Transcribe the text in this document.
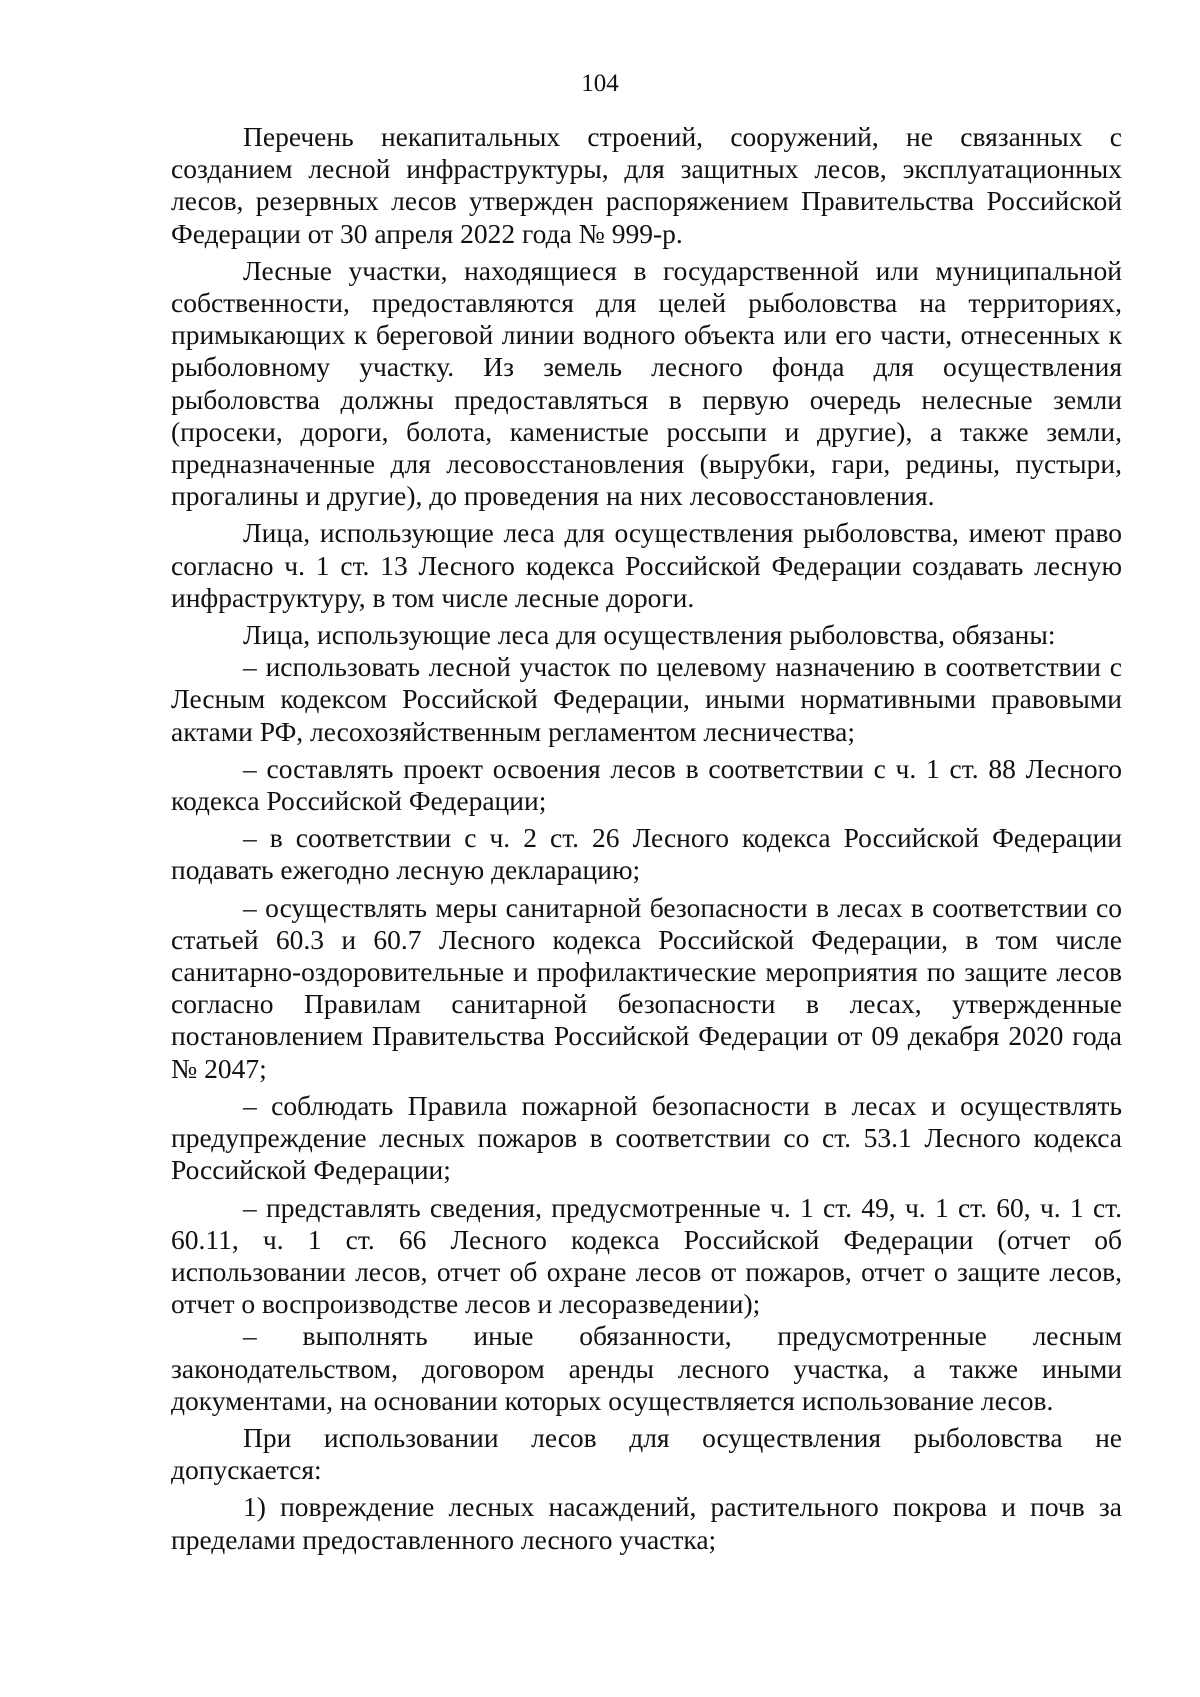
104

Перечень некапитальных строений, сооружений, не связанных с созданием лесной инфраструктуры, для защитных лесов, эксплуатационных лесов, резервных лесов утвержден распоряжением Правительства Российской Федерации от 30 апреля 2022 года № 999-р.

Лесные участки, находящиеся в государственной или муниципальной собственности, предоставляются для целей рыболовства на территориях, примыкающих к береговой линии водного объекта или его части, отнесенных к рыболовному участку. Из земель лесного фонда для осуществления рыболовства должны предоставляться в первую очередь нелесные земли (просеки, дороги, болота, каменистые россыпи и другие), а также земли, предназначенные для лесовосстановления (вырубки, гари, редины, пустыри, прогалины и другие), до проведения на них лесовосстановления.

Лица, использующие леса для осуществления рыболовства, имеют право согласно ч. 1 ст. 13 Лесного кодекса Российской Федерации создавать лесную инфраструктуру, в том числе лесные дороги.

Лица, использующие леса для осуществления рыболовства, обязаны:

– использовать лесной участок по целевому назначению в соответствии с Лесным кодексом Российской Федерации, иными нормативными правовыми актами РФ, лесохозяйственным регламентом лесничества;

– составлять проект освоения лесов в соответствии с ч. 1 ст. 88 Лесного кодекса Российской Федерации;

– в соответствии с ч. 2 ст. 26 Лесного кодекса Российской Федерации подавать ежегодно лесную декларацию;

– осуществлять меры санитарной безопасности в лесах в соответствии со статьей 60.3 и 60.7 Лесного кодекса Российской Федерации, в том числе санитарно-оздоровительные и профилактические мероприятия по защите лесов согласно Правилам санитарной безопасности в лесах, утвержденные постановлением Правительства Российской Федерации от 09 декабря 2020 года № 2047;

– соблюдать Правила пожарной безопасности в лесах и осуществлять предупреждение лесных пожаров в соответствии со ст. 53.1 Лесного кодекса Российской Федерации;

– представлять сведения, предусмотренные ч. 1 ст. 49, ч. 1 ст. 60, ч. 1 ст. 60.11, ч. 1 ст. 66 Лесного кодекса Российской Федерации (отчет об использовании лесов, отчет об охране лесов от пожаров, отчет о защите лесов, отчет о воспроизводстве лесов и лесоразведении);

– выполнять иные обязанности, предусмотренные лесным законодательством, договором аренды лесного участка, а также иными документами, на основании которых осуществляется использование лесов.

При использовании лесов для осуществления рыболовства не допускается:

1) повреждение лесных насаждений, растительного покрова и почв за пределами предоставленного лесного участка;
